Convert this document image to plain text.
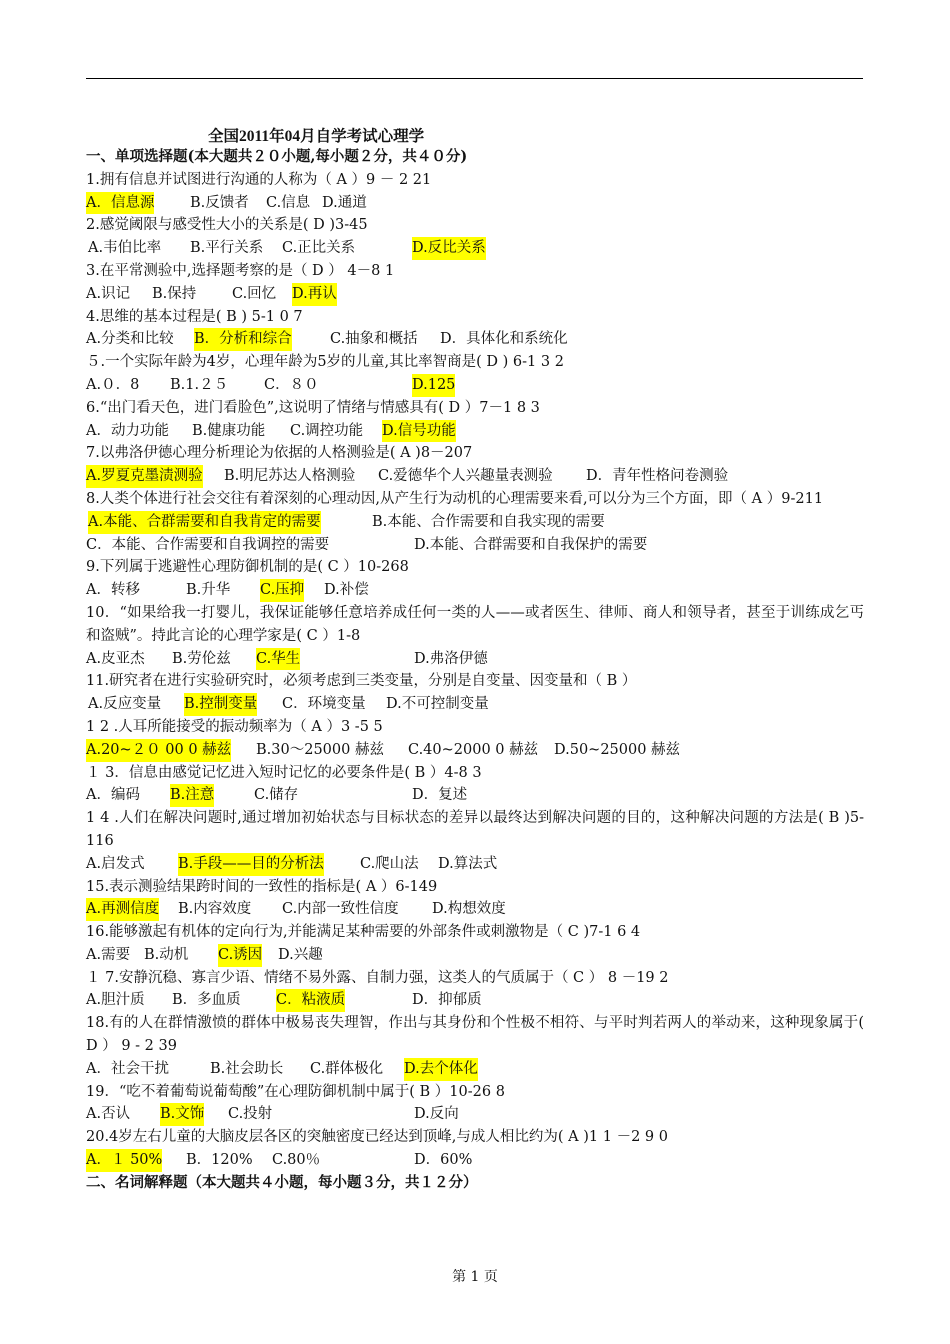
全国2011年04月自学考试心理学
一、单项选择题(本大题共２０小题,每小题２分，共４０分)
1.拥有信息并试图进行沟通的人称为（ A ）9 － 2 21
A．信息源 B.反馈者 C.信息 D.通道
2.感觉阈限与感受性大小的关系是( D )3-45
A.韦伯比率 B.平行关系 C.正比关系	D.反比关系
3.在平常测验中,选择题考察的是（ D ） 4－8 1
A.识记 B.保持 C.回忆 D.再认
4.思维的基本过程是( B ) 5-1 0 7
A.分类和比较 B．分析和综合	C.抽象和概括 D．具体化和系统化
５.一个实际年龄为4岁，心理年龄为5岁的儿童,其比率智商是( D ) 6-1 3 2
A.０．8 B.1.２５ C．８０	D.125
6.“出门看天色，进门看脸色”,这说明了情绪与情感具有( D ）7－1 8 3
A．动力功能 B.健康功能 C.调控功能 D.信号功能
7.以弗洛伊德心理分析理论为依据的人格测验是( A )8－207
A.罗夏克墨渍测验 B.明尼苏达人格测验 C.爱德华个人兴趣量表测验 D．青年性格问卷测验
8.人类个体进行社会交往有着深刻的心理动因,从产生行为动机的心理需要来看,可以分为三个方面，即（ A ）9-211
A.本能、合群需要和自我肯定的需要	B.本能、合作需要和自我实现的需要
C．本能、合作需要和自我调控的需要	D.本能、合群需要和自我保护的需要
9.下列属于逃避性心理防御机制的是( C ）10-268
A．转移	B.升华 C.压抑 D.补偿
10．“如果给我一打婴儿，我保证能够任意培养成任何一类的人——或者医生、律师、商人和领导者，甚至于训练成乞丐和盗贼”。持此言论的心理学家是( C ）1-8
A.皮亚杰 B.劳伦兹 C.华生	D.弗洛伊德
11.研究者在进行实验研究时，必须考虑到三类变量，分别是自变量、因变量和（ B ）
A.反应变量 B.控制变量 C．环境变量 D.不可控制变量
1 2 .人耳所能接受的振动频率为（ A ）3 -5 5
A.20~２０ 00 0 赫兹 B.30～25000 赫兹 C.40~2000 0 赫兹 D.50~25000 赫兹
１ 3．信息由感觉记忆进入短时记忆的必要条件是( B ）4-8 3
A．编码 B.注意	C.储存	D．复述
1 4 .人们在解决问题时,通过增加初始状态与目标状态的差异以最终达到解决问题的目的，这种解决问题的方法是( B )5-116
A.启发式 B.手段——目的分析法 C.爬山法 D.算法式
15.表示测验结果跨时间的一致性的指标是( A ）6-149
A.再测信度 B.内容效度 C.内部一致性信度 D.构想效度
16.能够激起有机体的定向行为,并能满足某种需要的外部条件或刺激物是（ C )7-1 6 4
A.需要 B.动机 C.诱因 D.兴趣
１ 7.安静沉稳、寡言少语、情绪不易外露、自制力强，这类人的气质属于（ C ） 8 －19 2
A.胆汁质 B．多血质 C．粘液质	D．抑郁质
18.有的人在群情激愤的群体中极易丧失理智，作出与其身份和个性极不相符、与平时判若两人的举动来，这种现象属于( D ） 9 - 2 39
A．社会干扰	B.社会助长 C.群体极化 D.去个体化
19．“吃不着葡萄说葡萄酸”在心理防御机制中属于( B ）10-26 8
A.否认 B.文饰 C.投射	D.反向
20.4岁左右儿童的大脑皮层各区的突触密度已经达到顶峰,与成人相比约为( A )1 1 －2 9 0
A．１ 50% B．120% C.80％	D．60%
二、名词解释题（本大题共４小题，每小题３分，共１２分）
第 1 页
